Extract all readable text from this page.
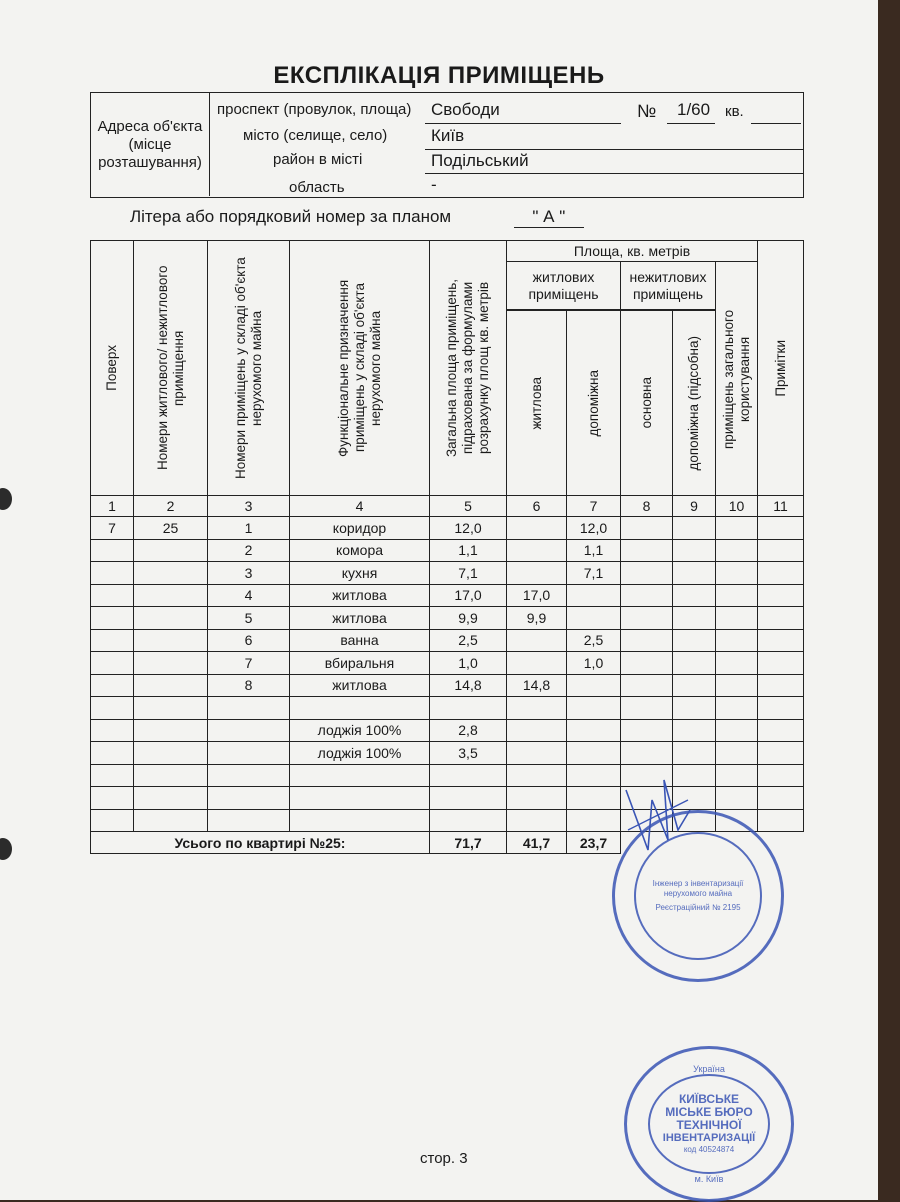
ЕКСПЛІКАЦІЯ ПРИМІЩЕНЬ
Адреса об'єкта (місце розташування)
проспект (провулок, площа) Свободи	№ 1/60 кв.
місто (селище, село)	Київ
район в місті	Подільський
область	-
Літера або порядковий номер за планом	" А "
Поверх	Номери житлового/ нежитлового приміщення	Номери приміщень у складі об'єкта нерухомого майна	Функціональне призначення приміщень у складі об'єкта нерухомого майна	Загальна площа приміщень, підрахована за формулами розрахунку площ кв. метрів	Площа, кв. метрів					Примітки

					житлових приміщень		нежитлових приміщень		приміщень загального користування	

					житлова	допоміжна	основна	допоміжна (підсобна)		

1	2	3	4	5	6	7	8	9	10	11
7	25	1	коридор	12,0		12,0				
		2	комора	1,1		1,1				
		3	кухня	7,1		7,1				
		4	житлова	17,0	17,0					
		5	житлова	9,9	9,9					
		6	ванна	2,5		2,5				
		7	вбиральня	1,0		1,0				
		8	житлова	14,8	14,8					

			лоджія 100%	2,8						
			лоджія 100%	3,5						

Усього по квартирі №25:				71,7	41,7	23,7				
Інженер з інвентаризації нерухомого майна
Реєстраційний № 2195
Україна
КИЇВСЬКЕ
МІСЬКЕ БЮРО
ТЕХНІЧНОЇ
ІНВЕНТАРИЗАЦІЇ
код 40524874
м. Київ
стор. 3
